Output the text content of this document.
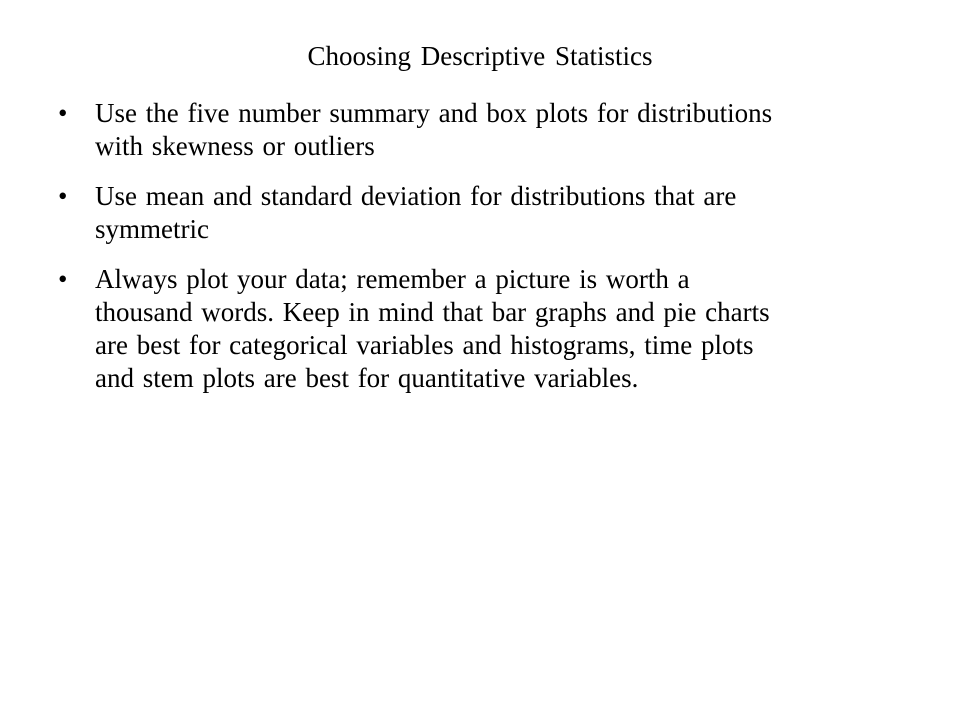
Choosing Descriptive Statistics
• Use the five number summary and box plots for distributions
with skewness or outliers
• Use mean and standard deviation for distributions that are
symmetric
• Always plot your data; remember a picture is worth a
thousand words. Keep in mind that bar graphs and pie charts
are best for categorical variables and histograms, time plots
and stem plots are best for quantitative variables.
